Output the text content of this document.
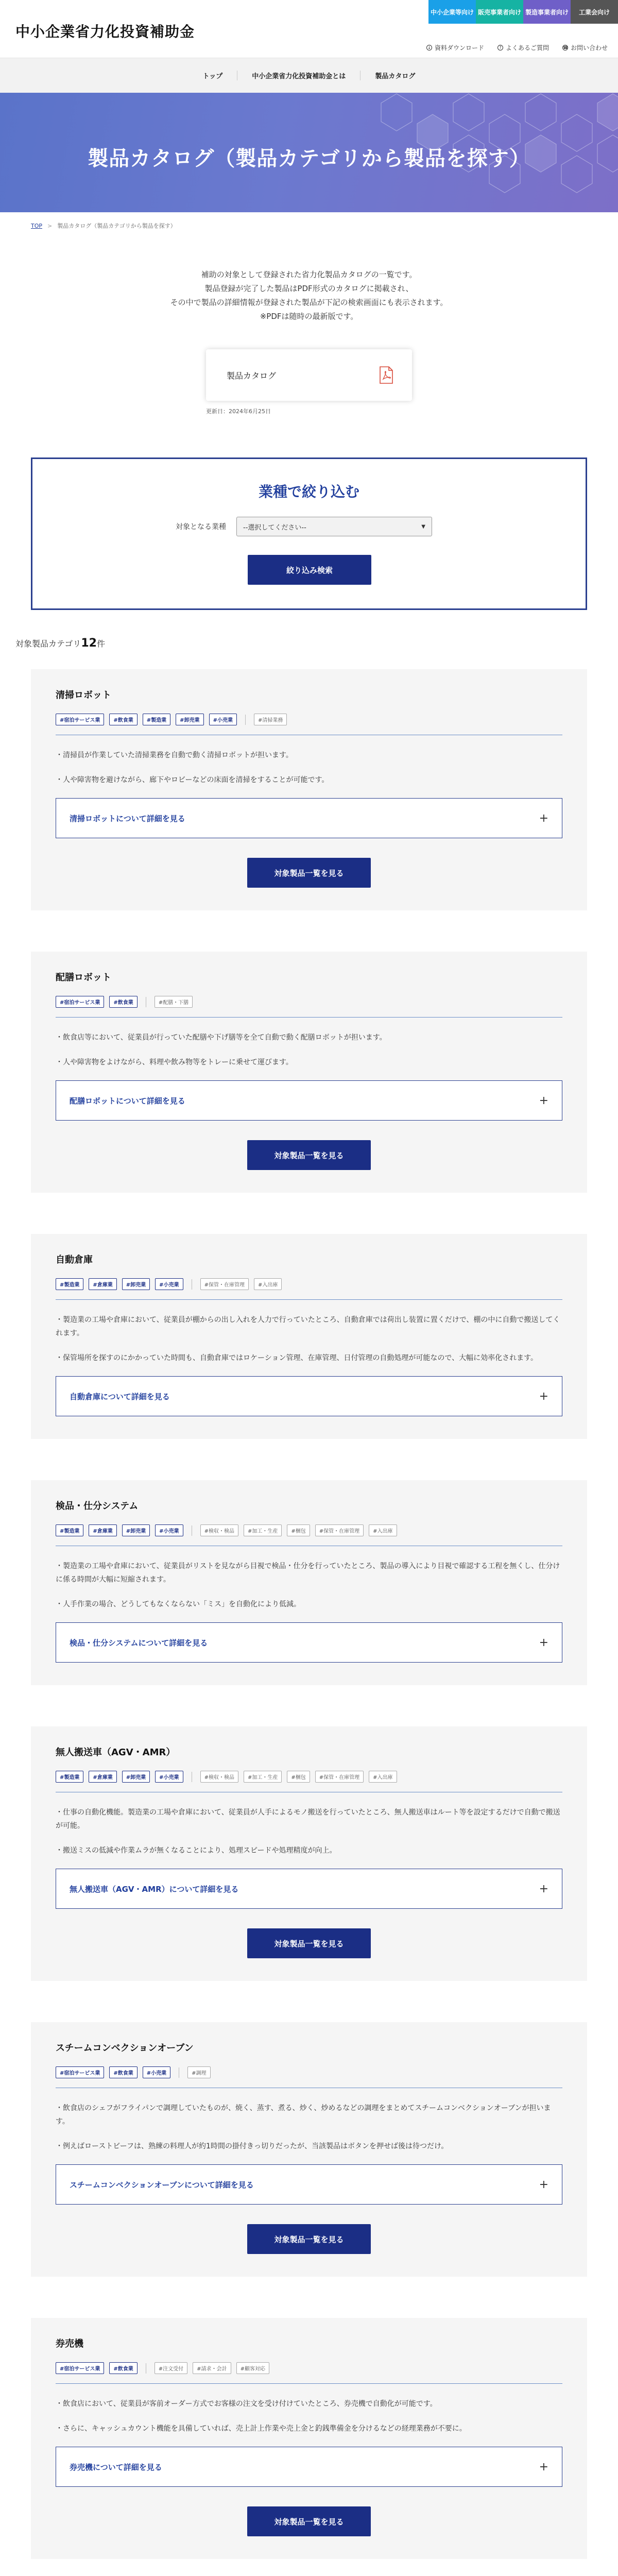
中小企業省力化投資補助金
中小企業等向け 販売事業者向け 製造事業者向け	工業会向け
↓ 資料ダウンロード	? よくあるご質問	☎ お問い合わせ
トップ	中小企業省力化投資補助金とは	製品カタログ
製品カタログ（製品カテゴリから製品を探す）
TOP > 製品カタログ（製品カテゴリから製品を探す）
補助の対象として登録された省力化製品カタログの一覧です。
製品登録が完了した製品はPDF形式のカタログに掲載され、
その中で製品の詳細情報が登録された製品が下記の検索画面にも表示されます。
※PDFは随時の最新版です。
製品カタログ
更新日：2024年6月25日
業種で絞り込む
対象となる業種	--選択してください--	▼
絞り込み検索
対象製品カテゴリ12件
清掃ロボット
#宿泊サービス業	#飲食業	#製造業	#卸売業	#小売業	#清掃業務

・清掃員が作業していた清掃業務を自動で動く清掃ロボットが担います。

・人や障害物を避けながら、廊下やロビーなどの床面を清掃をすることが可能です。

清掃ロボットについて詳細を見る	+
対象製品一覧を見る
配膳ロボット
#宿泊サービス業	#飲食業	#配膳・下膳

・飲食店等において、従業員が行っていた配膳や下げ膳等を全て自動で動く配膳ロボットが担います。

・人や障害物をよけながら、料理や飲み物等をトレーに乗せて運びます。

配膳ロボットについて詳細を見る	+
対象製品一覧を見る
自動倉庫
#製造業	#倉庫業	#卸売業	#小売業	#保管・在庫管理	#入出庫

・製造業の工場や倉庫において、従業員が棚からの出し入れを人力で行っていたところ、自動倉庫では荷出し装置に置くだけで、棚の中に自動で搬送してくれます。

・保管場所を探すのにかかっていた時間も、自動倉庫ではロケーション管理、在庫管理、日付管理の自動処理が可能なので、大幅に効率化されます。

自動倉庫について詳細を見る	+
検品・仕分システム
#製造業	#倉庫業	#卸売業	#小売業	#検収・検品	#加工・生産	#梱包	#保管・在庫管理	#入出庫

・製造業の工場や倉庫において、従業員がリストを見ながら目視で検品・仕分を行っていたところ、製品の導入により目視で確認する工程を無くし、仕分けに係る時間が大幅に短縮されます。

・人手作業の場合、どうしてもなくならない「ミス」を自動化により低減。

検品・仕分システムについて詳細を見る	+
無人搬送車（AGV・AMR）
#製造業	#倉庫業	#卸売業	#小売業	#検収・検品	#加工・生産	#梱包	#保管・在庫管理	#入出庫

・仕事の自動化機能。製造業の工場や倉庫において、従業員が人手によるモノ搬送を行っていたところ、無人搬送車はルート等を設定するだけで自動で搬送が可能。

・搬送ミスの低減や作業ムラが無くなることにより、処理スピードや処理精度が向上。

無人搬送車（AGV・AMR）について詳細を見る	+
対象製品一覧を見る
スチームコンベクションオーブン
#宿泊サービス業	#飲食業	#小売業	#調理

・飲食店のシェフがフライパンで調理していたものが、焼く、蒸す、煮る、炒く、炒めるなどの調理をまとめてスチームコンベクションオーブンが担います。

・例えばローストビーフは、熟練の料理人が約1時間の掛付きっ切りだったが、当該製品はボタンを押せば後は待つだけ。

スチームコンベクションオーブンについて詳細を見る	+
対象製品一覧を見る
券売機
#宿泊サービス業	#飲食業	#注文受付	#請求・会計	#顧客対応

・飲食店において、従業員が客前オーダー方式でお客様の注文を受け付けていたところ、券売機で自動化が可能です。

・さらに、キャッシュカウント機能を具備していれば、売上計上作業や売上金と釣銭準備金を分けるなどの経理業務が不要に。

券売機について詳細を見る	+
対象製品一覧を見る
